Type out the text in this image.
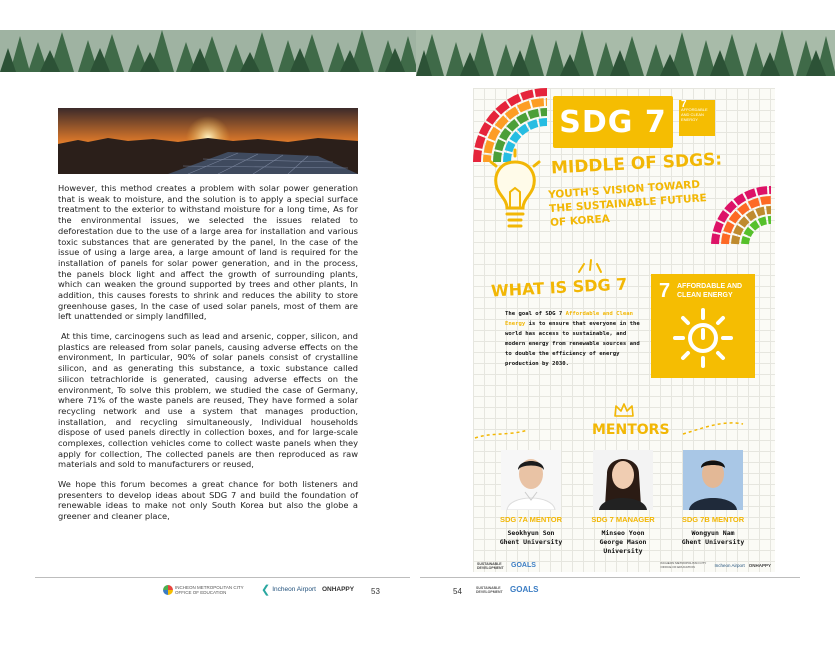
However, this method creates a problem with solar power generation that is weak to moisture, and the solution is to apply a special surface treatment to the exterior to withstand moisture for a long time, As for the environmental issues, we selected the issues related to deforestation due to the use of a large area for installation and various toxic substances that are generated by the panel, In the case of the issue of using a large area, a large amount of land is required for the installation of panels for solar power generation, and in the process, the panels block light and affect the growth of surrounding plants, which can weaken the ground supported by trees and other plants, In addition, this causes forests to shrink and reduces the ability to store greenhouse gases, In the case of used solar panels, most of them are left unattended or simply landfilled,

At this time, carcinogens such as lead and arsenic, copper, silicon, and plastics are released from solar panels, causing adverse effects on the environment, In particular, 90% of solar panels consist of crystalline silicon, and as generating this substance, a toxic substance called silicon tetrachloride is generated, causing adverse effects on the environment, To solve this problem, we studied the case of Germany, where 71% of the waste panels are reused, They have formed a solar recycling network and use a system that manages production, installation, and recycling simultaneously, Individual households dispose of used panels directly in collection boxes, and for large-scale complexes, collection vehicles come to collect waste panels when they apply for collection, The collected panels are then reproduced as raw materials and sold to manufacturers or reused,

We hope this forum becomes a great chance for both listeners and presenters to develop ideas about SDG 7 and build the foundation of renewable ideas to make not only South Korea but also the globe a greener and cleaner place,

INCHEON METROPOLITAN CITY OFFICE OF EDUCATION	❮ Incheon Airport ONHAPPY 53
SDG 7	7
AFFORDABLE AND CLEAN ENERGY
MIDDLE OF SDGS:
YOUTH'S VISION TOWARD THE SUSTAINABLE FUTURE OF KOREA
WHAT IS SDG 7
The goal of SDG 7 Affordable and Clean Energy is to ensure that everyone in the world has access to sustainable, and modern energy from renewable sources and to double the efficiency of energy production by 2030.
7 AFFORDABLE AND CLEAN ENERGY
MENTORS
SDG 7A MENTOR	SDG 7 MANAGER	SDG 7B MENTOR
Seokhyun Son
Ghent University
Minseo Yoon
George Mason University
Wongyun Nam
Ghent University
SUSTAINABLE DEVELOPMENT	GOALS	INCHEON METROPOLITAN CITY OFFICE OF EDUCATION	Incheon Airport ONHAPPY
54	SUSTAINABLE DEVELOPMENT GOALS
